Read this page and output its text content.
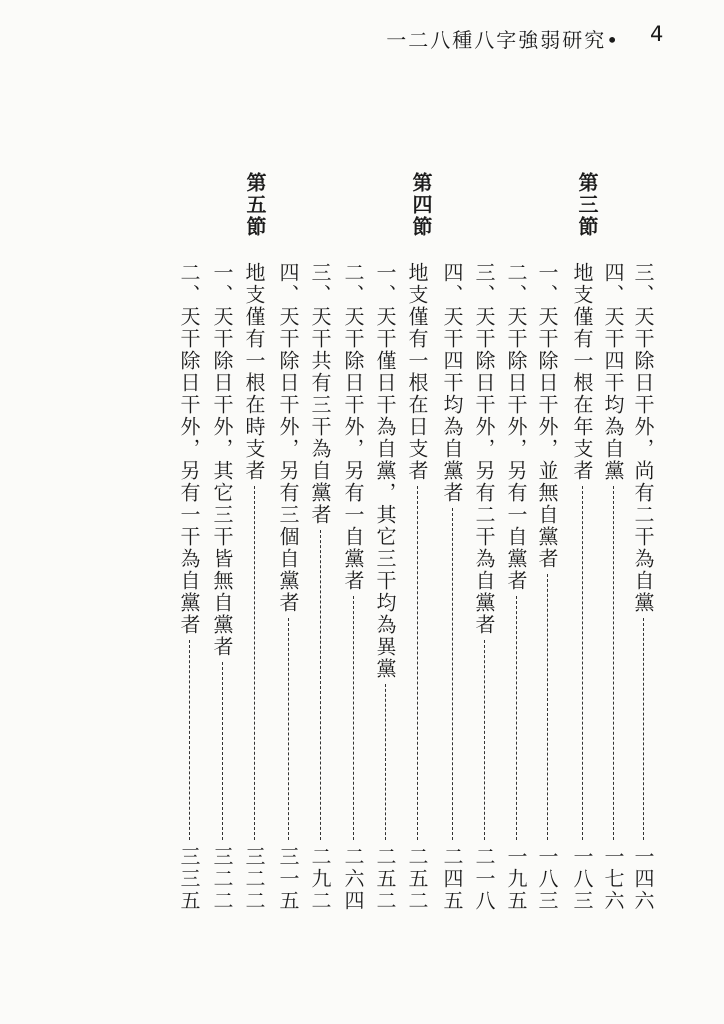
一二八種八字強弱研究• 4
第三節
第四節
第五節
三、天干除日干外，尚有二干為自黨
一四六
四、天干四干均為自黨
一七六
地支僅有一根在年支者
一八三
一、天干除日干外，並無自黨者
一八三
二、天干除日干外，另有一自黨者
一九五
三、天干除日干外，另有二干為自黨者
二一八
四、天干四干均為自黨者
二四五
地支僅有一根在日支者
二五二
一、天干僅日干為自黨，其它三干均為異黨
二五二
二、天干除日干外，另有一自黨者
二六四
三、天干共有三干為自黨者
二九二
四、天干除日干外，另有三個自黨者
三一五
地支僅有一根在時支者
三二二
一、天干除日干外，其它三干皆無自黨者
三二二
二、天干除日干外，另有一干為自黨者
三三五
